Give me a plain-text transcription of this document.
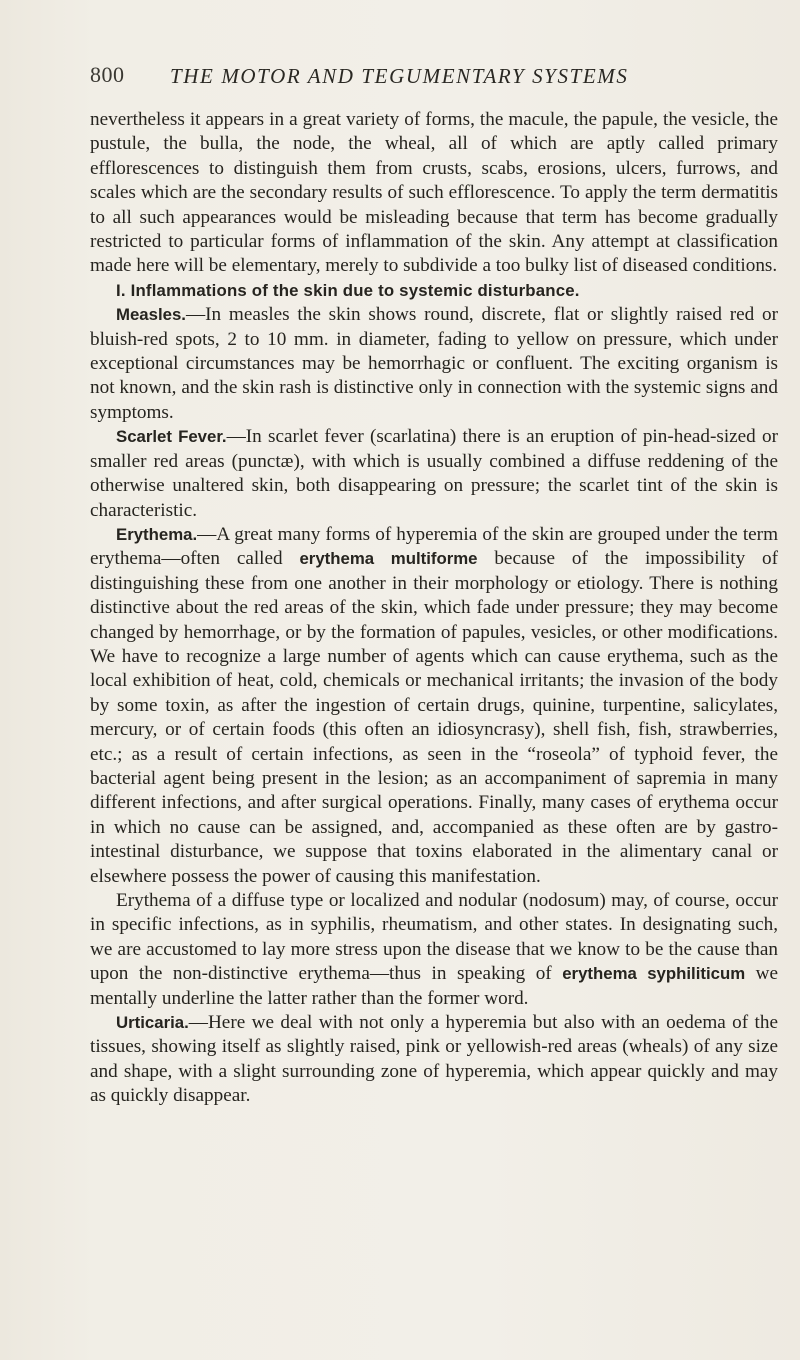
800 THE MOTOR AND TEGUMENTARY SYSTEMS

nevertheless it appears in a great variety of forms, the macule, the papule, the vesicle, the pustule, the bulla, the node, the wheal, all of which are aptly called primary efflorescences to distinguish them from crusts, scabs, erosions, ulcers, furrows, and scales which are the secondary results of such efflorescence. To apply the term dermatitis to all such appearances would be misleading because that term has become gradually restricted to particular forms of inflammation of the skin. Any attempt at classification made here will be elementary, merely to subdivide a too bulky list of diseased conditions.

I. Inflammations of the skin due to systemic disturbance.

Measles.—In measles the skin shows round, discrete, flat or slightly raised red or bluish-red spots, 2 to 10 mm. in diameter, fading to yellow on pressure, which under exceptional circumstances may be hemorrhagic or confluent. The exciting organism is not known, and the skin rash is distinctive only in connection with the systemic signs and symptoms.

Scarlet Fever.—In scarlet fever (scarlatina) there is an eruption of pin-head-sized or smaller red areas (punctæ), with which is usually combined a diffuse reddening of the otherwise unaltered skin, both disappearing on pressure; the scarlet tint of the skin is characteristic.

Erythema.—A great many forms of hyperemia of the skin are grouped under the term erythema—often called erythema multiforme because of the impossibility of distinguishing these from one another in their morphology or etiology. There is nothing distinctive about the red areas of the skin, which fade under pressure; they may become changed by hemorrhage, or by the formation of papules, vesicles, or other modifications. We have to recognize a large number of agents which can cause erythema, such as the local exhibition of heat, cold, chemicals or mechanical irritants; the invasion of the body by some toxin, as after the ingestion of certain drugs, quinine, turpentine, salicylates, mercury, or of certain foods (this often an idiosyncrasy), shell fish, fish, strawberries, etc.; as a result of certain infections, as seen in the “roseola” of typhoid fever, the bacterial agent being present in the lesion; as an accompaniment of sapremia in many different infections, and after surgical operations. Finally, many cases of erythema occur in which no cause can be assigned, and, accompanied as these often are by gastro-intestinal disturbance, we suppose that toxins elaborated in the alimentary canal or elsewhere possess the power of causing this manifestation.

Erythema of a diffuse type or localized and nodular (nodosum) may, of course, occur in specific infections, as in syphilis, rheumatism, and other states. In designating such, we are accustomed to lay more stress upon the disease that we know to be the cause than upon the non-distinctive erythema—thus in speaking of erythema syphiliticum we mentally underline the latter rather than the former word.

Urticaria.—Here we deal with not only a hyperemia but also with an oedema of the tissues, showing itself as slightly raised, pink or yellowish-red areas (wheals) of any size and shape, with a slight surrounding zone of hyperemia, which appear quickly and may as quickly disappear.
